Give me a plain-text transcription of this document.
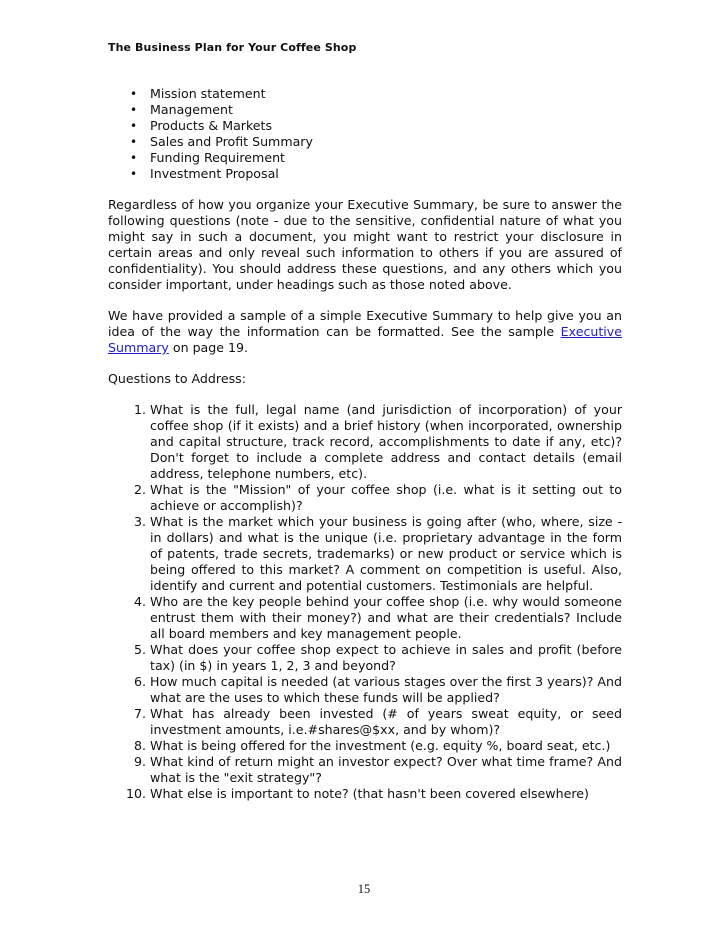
The Business Plan for Your Coffee Shop
• Mission statement
• Management
• Products & Markets
• Sales and Profit Summary
• Funding Requirement
• Investment Proposal

Regardless of how you organize your Executive Summary, be sure to answer the following questions (note - due to the sensitive, confidential nature of what you might say in such a document, you might want to restrict your disclosure in certain areas and only reveal such information to others if you are assured of confidentiality). You should address these questions, and any others which you consider important, under headings such as those noted above.

We have provided a sample of a simple Executive Summary to help give you an idea of the way the information can be formatted. See the sample Executive Summary on page 19.

Questions to Address:

1. What is the full, legal name (and jurisdiction of incorporation) of your coffee shop (if it exists) and a brief history (when incorporated, ownership and capital structure, track record, accomplishments to date if any, etc)? Don't forget to include a complete address and contact details (email address, telephone numbers, etc).
2. What is the "Mission" of your coffee shop (i.e. what is it setting out to achieve or accomplish)?
3. What is the market which your business is going after (who, where, size -in dollars) and what is the unique (i.e. proprietary advantage in the form of patents, trade secrets, trademarks) or new product or service which is being offered to this market? A comment on competition is useful. Also, identify and current and potential customers. Testimonials are helpful.
4. Who are the key people behind your coffee shop (i.e. why would someone entrust them with their money?) and what are their credentials? Include all board members and key management people.
5. What does your coffee shop expect to achieve in sales and profit (before tax) (in $) in years 1, 2, 3 and beyond?
6. How much capital is needed (at various stages over the first 3 years)? And what are the uses to which these funds will be applied?
7. What has already been invested (# of years sweat equity, or seed investment amounts, i.e.#shares@$xx, and by whom)?
8. What is being offered for the investment (e.g. equity %, board seat, etc.)
9. What kind of return might an investor expect? Over what time frame? And what is the "exit strategy"?
10. What else is important to note? (that hasn't been covered elsewhere)
15
